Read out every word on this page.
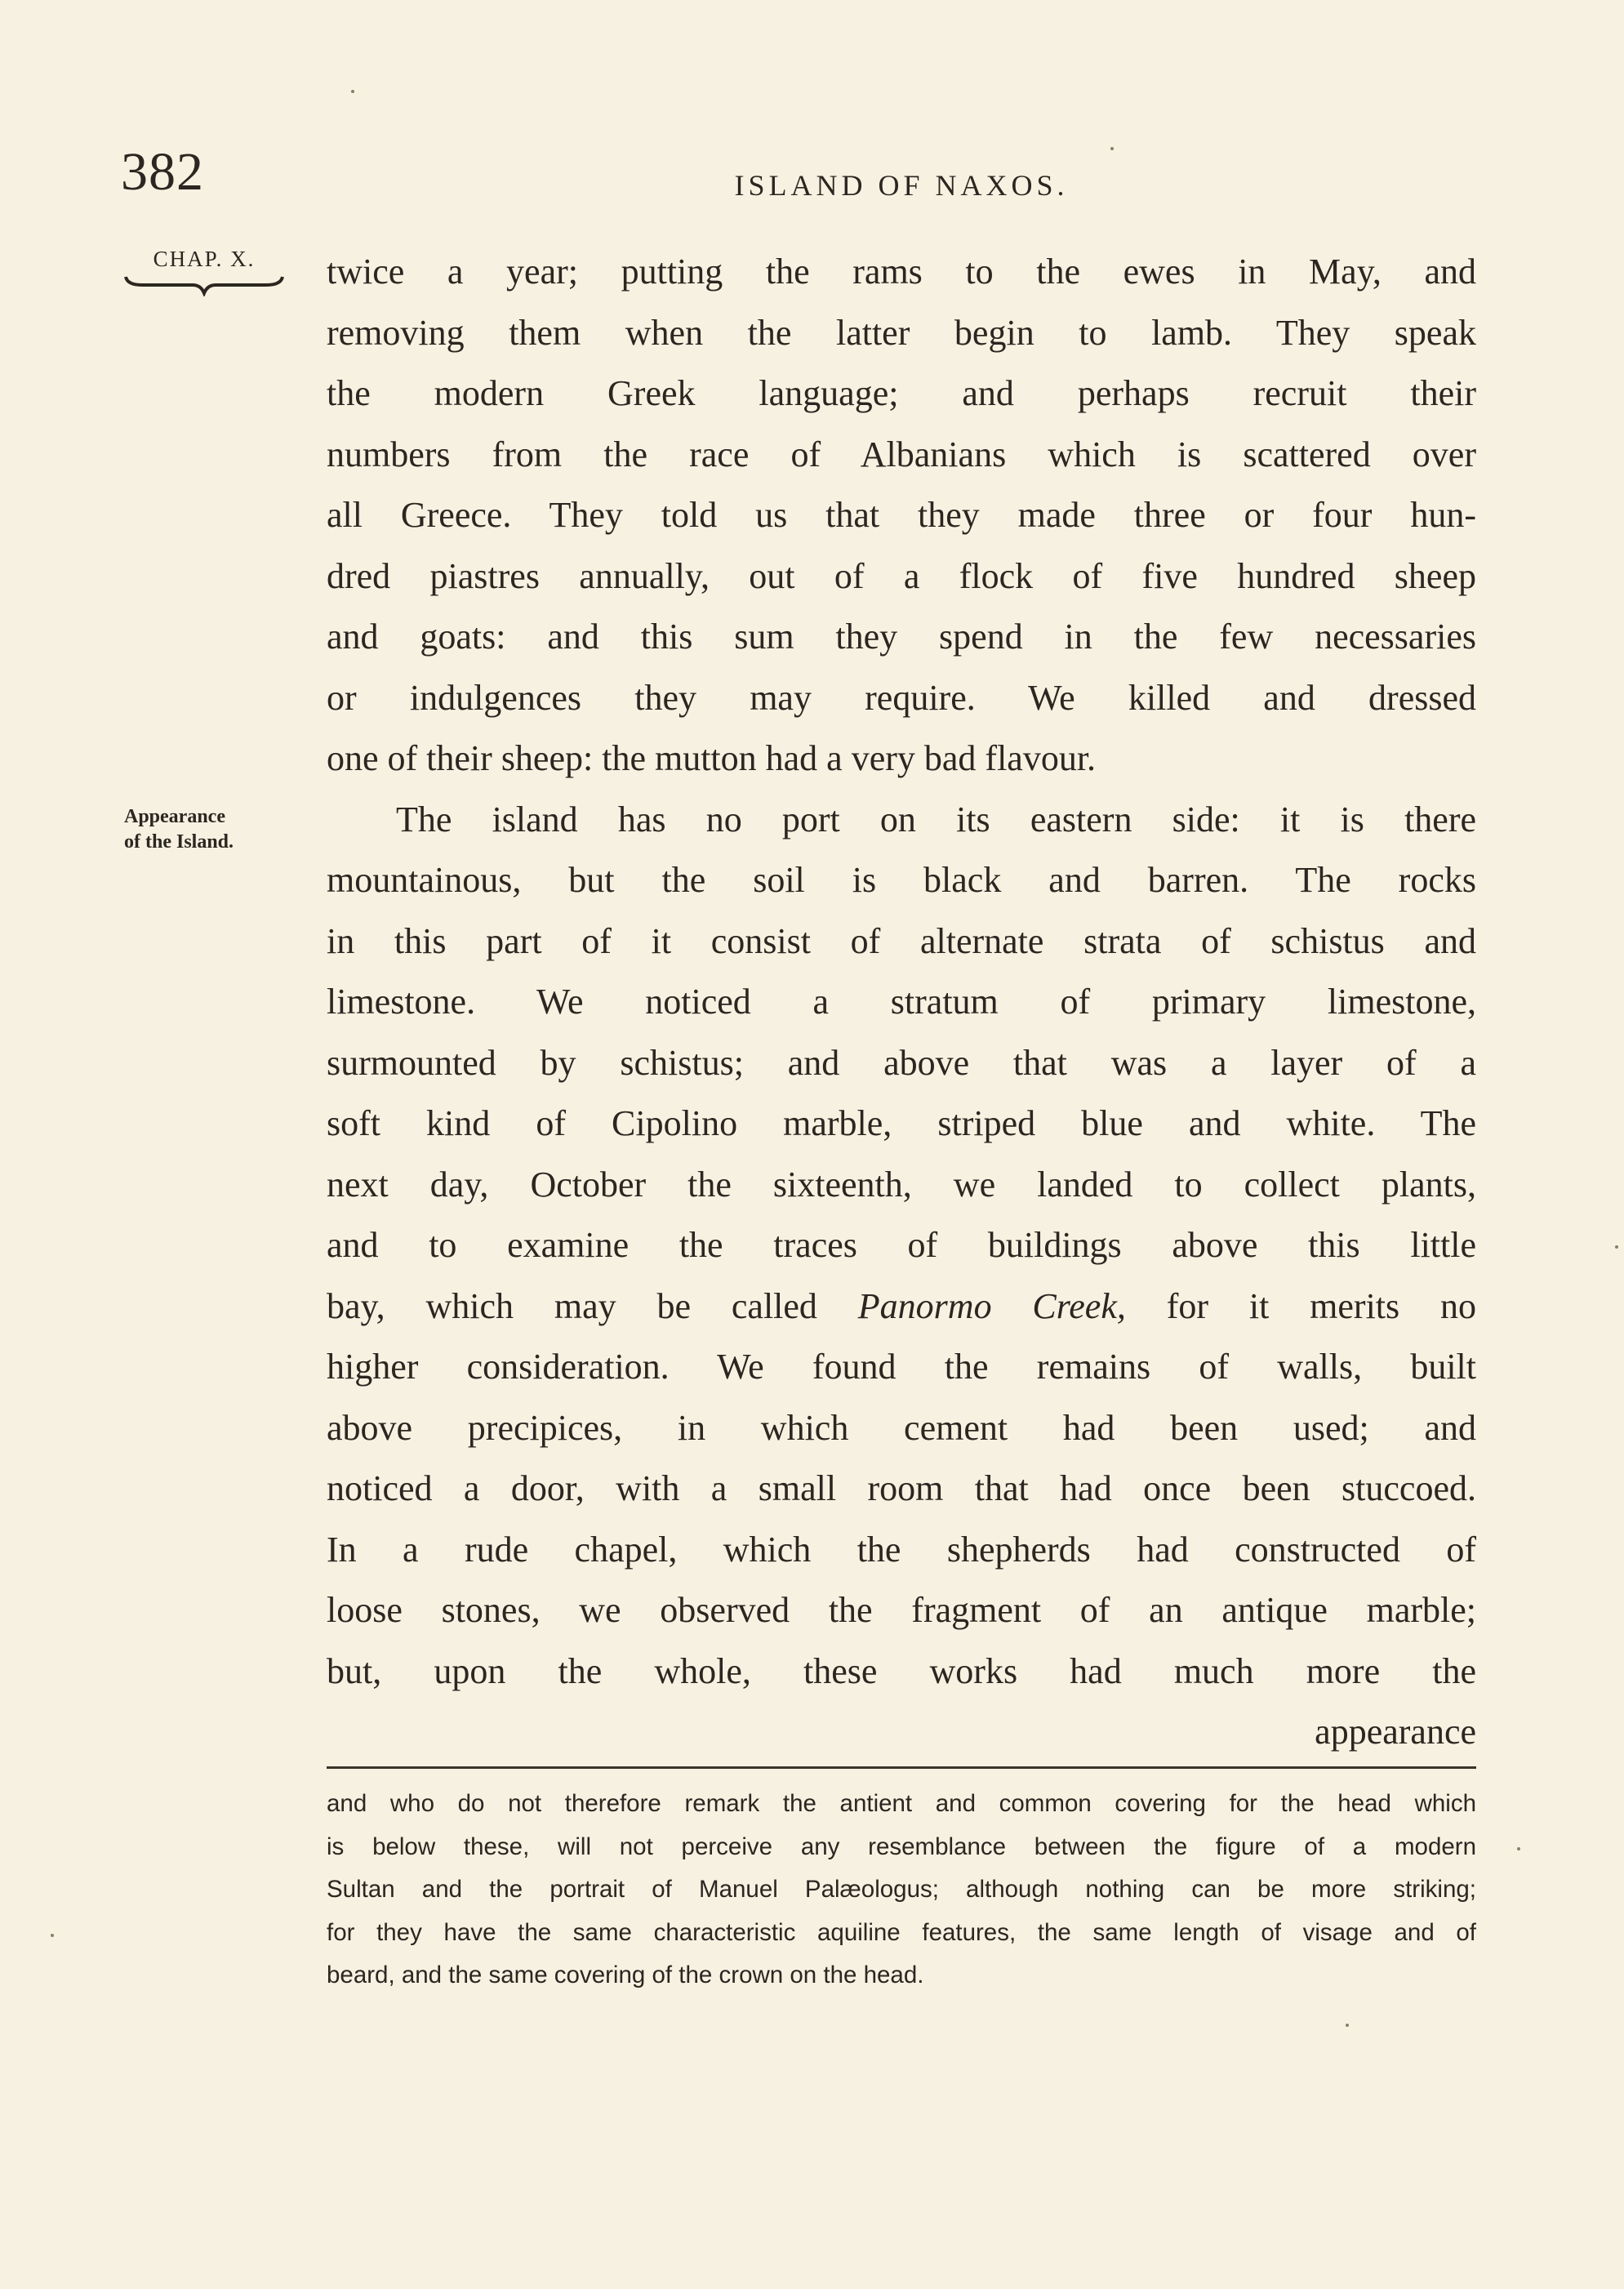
382	ISLAND OF NAXOS.
CHAP. X.
Appearance
of the Island.
twice a year; putting the rams to the ewes in May, and
removing them when the latter begin to lamb. They speak
the modern Greek language; and perhaps recruit their
numbers from the race of Albanians which is scattered over
all Greece. They told us that they made three or four hun-
dred piastres annually, out of a flock of five hundred sheep
and goats: and this sum they spend in the few necessaries
or indulgences they may require. We killed and dressed
one of their sheep: the mutton had a very bad flavour.
The island has no port on its eastern side: it is there
mountainous, but the soil is black and barren. The rocks
in this part of it consist of alternate strata of schistus and
limestone. We noticed a stratum of primary limestone,
surmounted by schistus; and above that was a layer of a
soft kind of Cipolino marble, striped blue and white. The
next day, October the sixteenth, we landed to collect plants,
and to examine the traces of buildings above this little
bay, which may be called Panormo Creek, for it merits no
higher consideration. We found the remains of walls, built
above precipices, in which cement had been used; and
noticed a door, with a small room that had once been stuccoed.
In a rude chapel, which the shepherds had constructed of
loose stones, we observed the fragment of an antique marble;
but, upon the whole, these works had much more the
appearance
and who do not therefore remark the antient and common covering for the head which
is below these, will not perceive any resemblance between the figure of a modern
Sultan and the portrait of Manuel Palæologus; although nothing can be more striking;
for they have the same characteristic aquiline features, the same length of visage and of
beard, and the same covering of the crown on the head.
